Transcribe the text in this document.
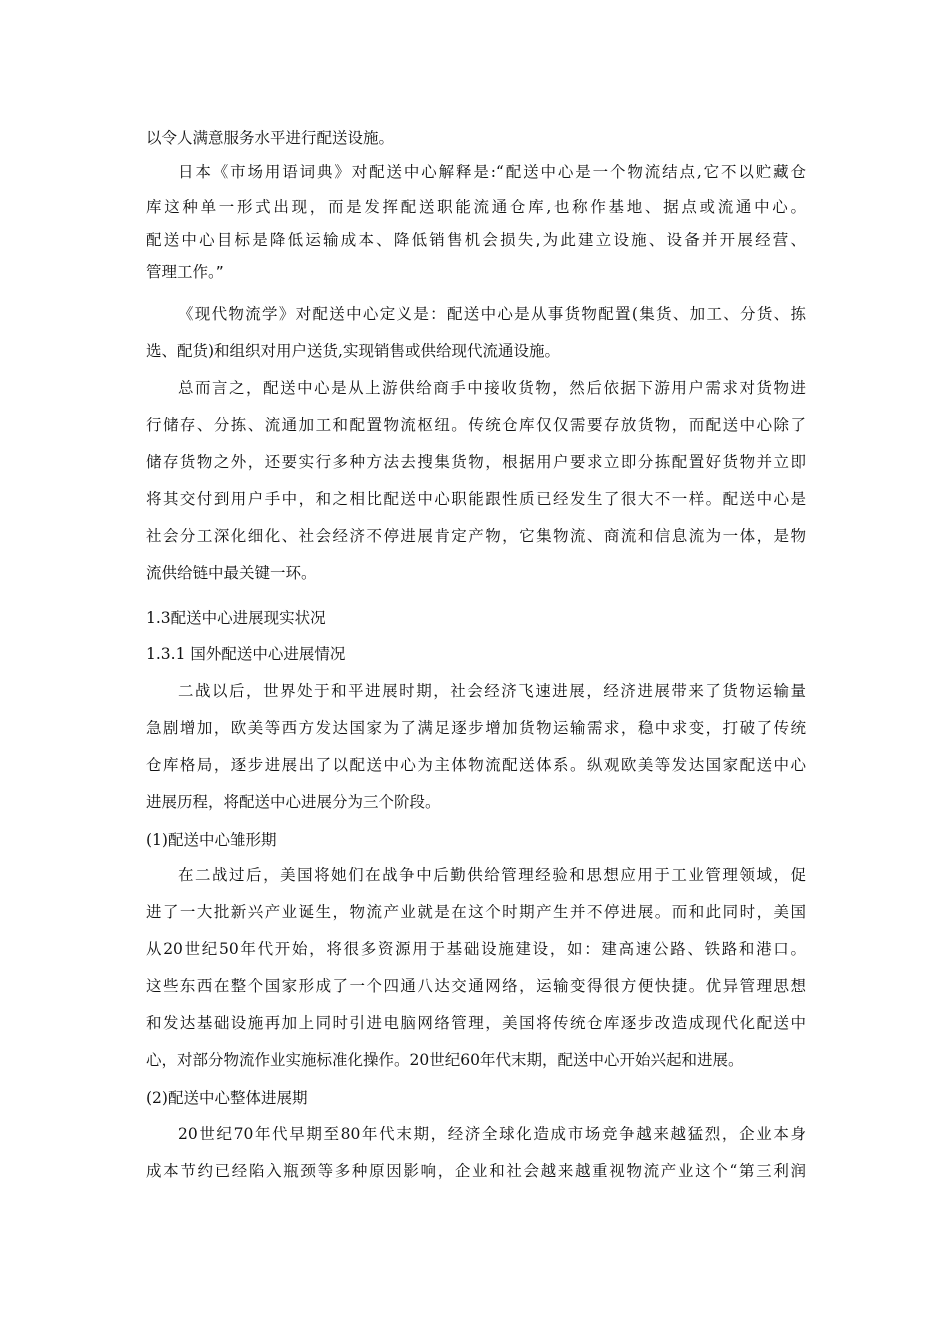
以令人满意服务水平进行配送设施。
日本《市场用语词典》对配送中心解释是:“配送中心是一个物流结点,它不以贮藏仓
库这种单一形式出现，而是发挥配送职能流通仓库,也称作基地、据点或流通中心。
配送中心目标是降低运输成本、降低销售机会损失,为此建立设施、设备并开展经营、
管理工作。”
《现代物流学》对配送中心定义是：配送中心是从事货物配置(集货、加工、分货、拣
选、配货)和组织对用户送货,实现销售或供给现代流通设施。
总而言之，配送中心是从上游供给商手中接收货物，然后依据下游用户需求对货物进
行储存、分拣、流通加工和配置物流枢纽。传统仓库仅仅需要存放货物，而配送中心除了
储存货物之外，还要实行多种方法去搜集货物，根据用户要求立即分拣配置好货物并立即
将其交付到用户手中，和之相比配送中心职能跟性质已经发生了很大不一样。配送中心是
社会分工深化细化、社会经济不停进展肯定产物，它集物流、商流和信息流为一体，是物
流供给链中最关键一环。
1.3配送中心进展现实状况
1.3.1 国外配送中心进展情况
二战以后，世界处于和平进展时期，社会经济飞速进展，经济进展带来了货物运输量
急剧增加，欧美等西方发达国家为了满足逐步增加货物运输需求，稳中求变，打破了传统
仓库格局，逐步进展出了以配送中心为主体物流配送体系。纵观欧美等发达国家配送中心
进展历程，将配送中心进展分为三个阶段。
(1)配送中心雏形期
在二战过后，美国将她们在战争中后勤供给管理经验和思想应用于工业管理领域，促
进了一大批新兴产业诞生，物流产业就是在这个时期产生并不停进展。而和此同时，美国
从20世纪50年代开始，将很多资源用于基础设施建设，如：建高速公路、铁路和港口。
这些东西在整个国家形成了一个四通八达交通网络，运输变得很方便快捷。优异管理思想
和发达基础设施再加上同时引进电脑网络管理，美国将传统仓库逐步改造成现代化配送中
心，对部分物流作业实施标准化操作。20世纪60年代末期，配送中心开始兴起和进展。
(2)配送中心整体进展期
20世纪70年代早期至80年代末期，经济全球化造成市场竞争越来越猛烈，企业本身
成本节约已经陷入瓶颈等多种原因影响，企业和社会越来越重视物流产业这个“第三利润
